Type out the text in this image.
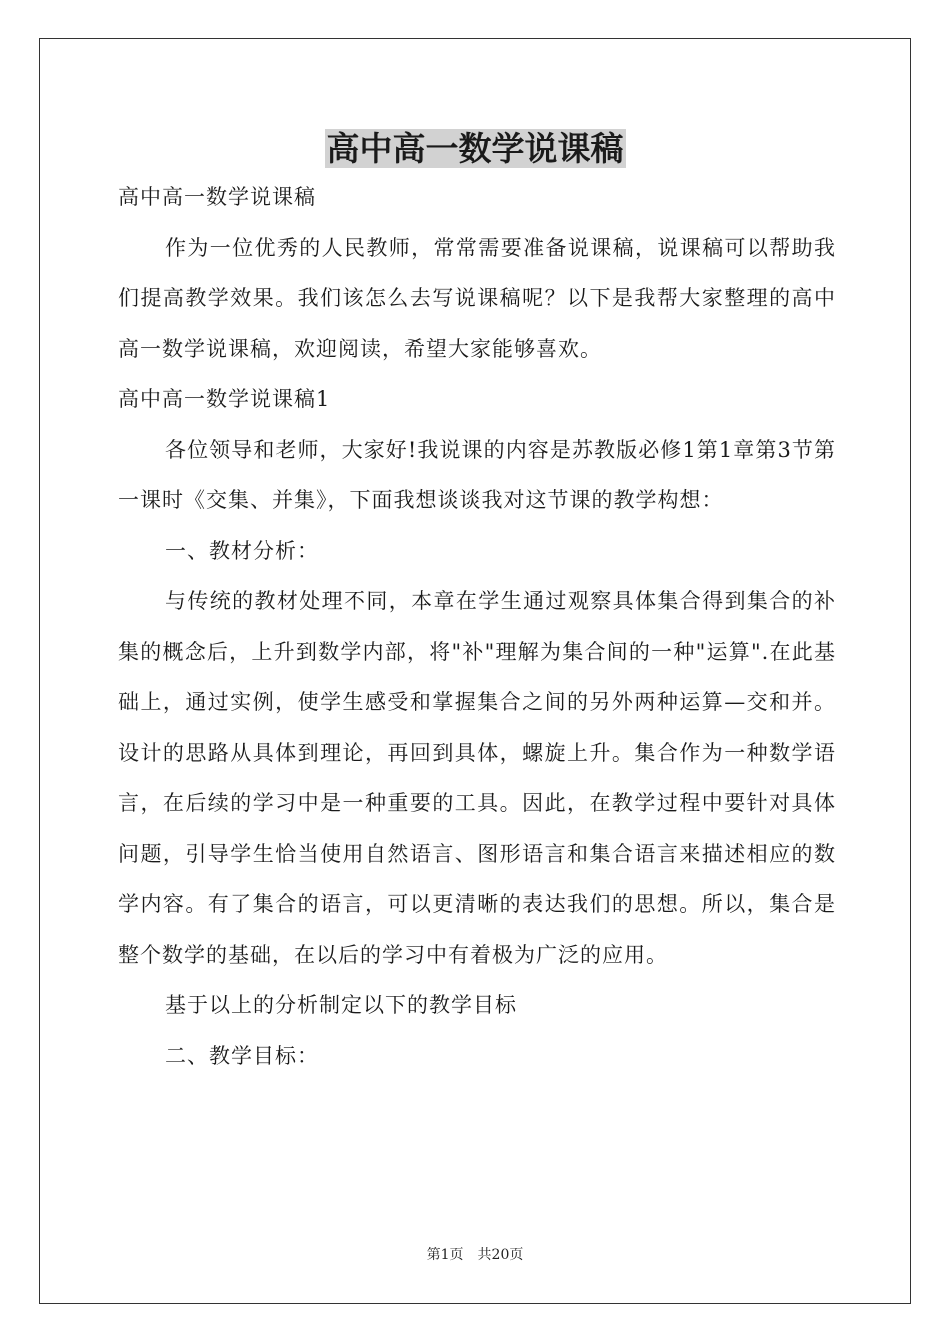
高中高一数学说课稿

高中高一数学说课稿

作为一位优秀的人民教师，常常需要准备说课稿，说课稿可以帮助我们提高教学效果。我们该怎么去写说课稿呢？以下是我帮大家整理的高中高一数学说课稿，欢迎阅读，希望大家能够喜欢。

高中高一数学说课稿1

各位领导和老师，大家好!我说课的内容是苏教版必修1第1章第3节第一课时《交集、并集》，下面我想谈谈我对这节课的教学构想：

一、教材分析：

与传统的教材处理不同，本章在学生通过观察具体集合得到集合的补集的概念后，上升到数学内部，将"补"理解为集合间的一种"运算".在此基础上，通过实例，使学生感受和掌握集合之间的另外两种运算—交和并。设计的思路从具体到理论，再回到具体，螺旋上升。集合作为一种数学语言，在后续的学习中是一种重要的工具。因此，在教学过程中要针对具体问题，引导学生恰当使用自然语言、图形语言和集合语言来描述相应的数学内容。有了集合的语言，可以更清晰的表达我们的思想。所以，集合是整个数学的基础，在以后的学习中有着极为广泛的应用。

基于以上的分析制定以下的教学目标

二、教学目标：

第1页 共20页
